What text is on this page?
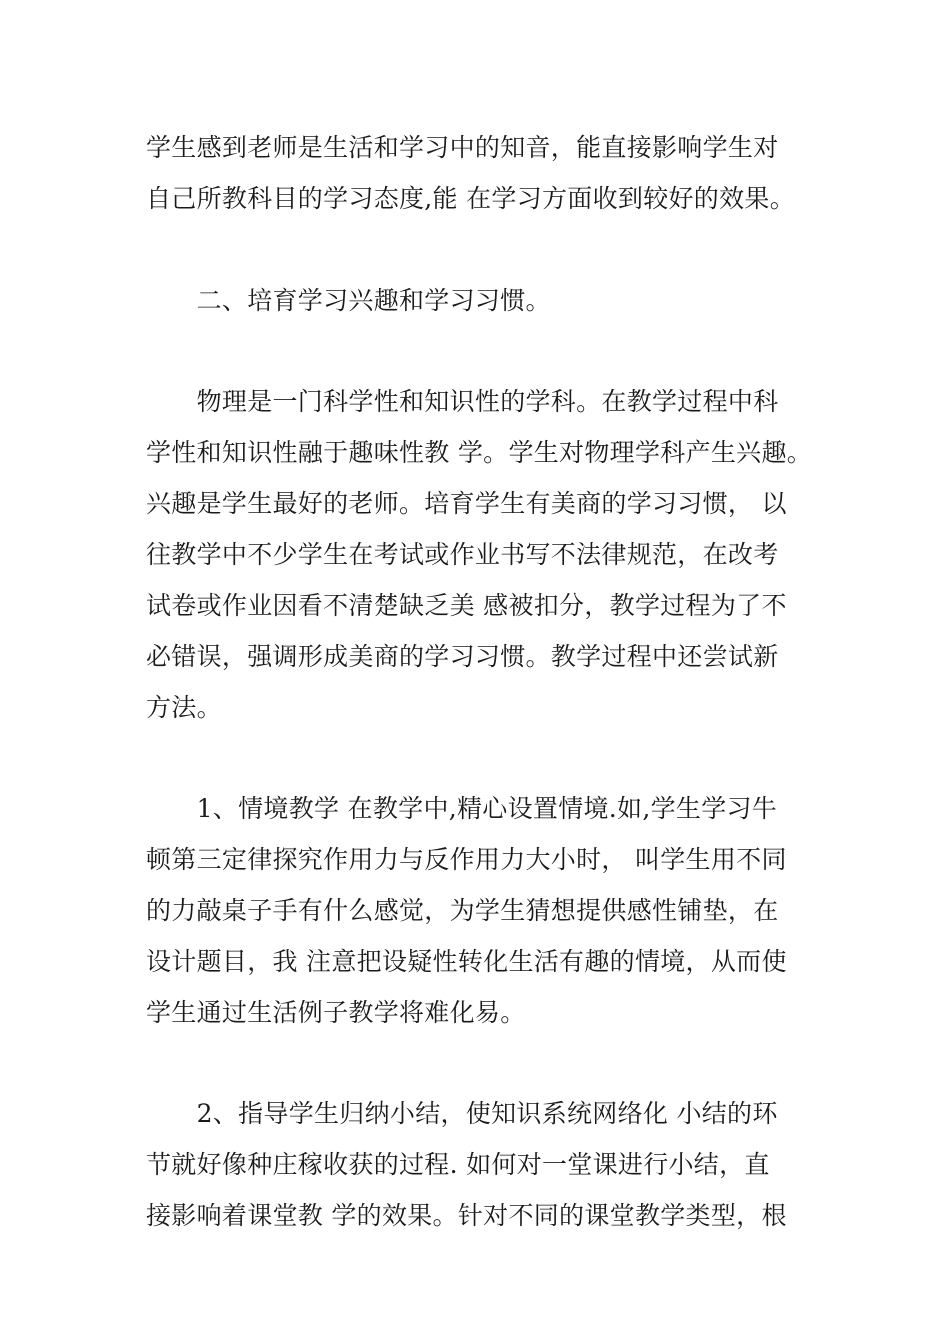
学生感到老师是生活和学习中的知音，能直接影响学生对
自己所教科目的学习态度,能 在学习方面收到较好的效果。
　　二、培育学习兴趣和学习习惯。
　　物理是一门科学性和知识性的学科。在教学过程中科
学性和知识性融于趣味性教 学。学生对物理学科产生兴趣。
兴趣是学生最好的老师。培育学生有美商的学习习惯， 以
往教学中不少学生在考试或作业书写不法律规范，在改考
试卷或作业因看不清楚缺乏美 感被扣分，教学过程为了不
必错误，强调形成美商的学习习惯。教学过程中还尝试新
方法。
　　1、情境教学 在教学中,精心设置情境.如,学生学习牛
顿第三定律探究作用力与反作用力大小时， 叫学生用不同
的力敲桌子手有什么感觉，为学生猜想提供感性铺垫，在
设计题目，我 注意把设疑性转化生活有趣的情境，从而使
学生通过生活例子教学将难化易。
　　2、指导学生归纳小结，使知识系统网络化 小结的环
节就好像种庄稼收获的过程. 如何对一堂课进行小结，直
接影响着课堂教 学的效果。针对不同的课堂教学类型，根
